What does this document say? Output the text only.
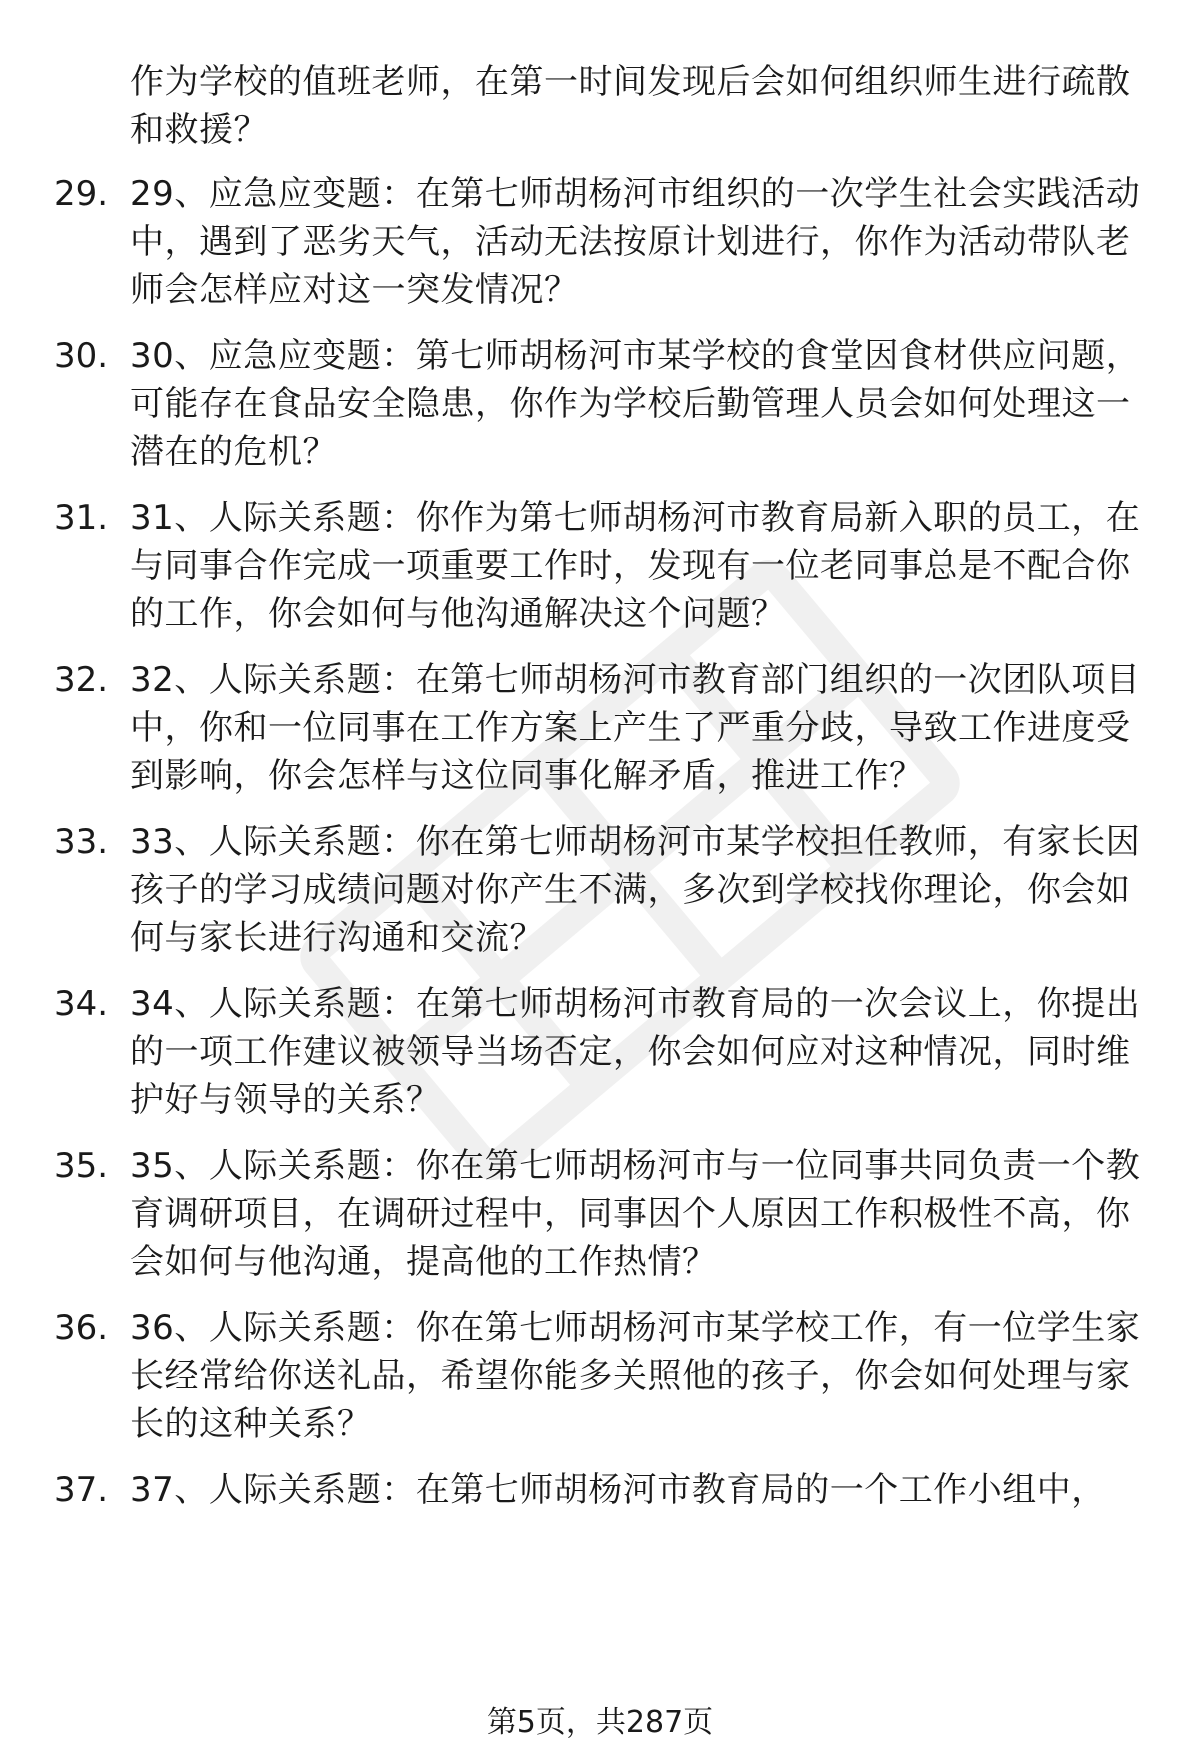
作为学校的值班老师，在第一时间发现后会如何组织师生进行疏散和救援？
29. 29、应急应变题：在第七师胡杨河市组织的一次学生社会实践活动中，遇到了恶劣天气，活动无法按原计划进行，你作为活动带队老师会怎样应对这一突发情况？
30. 30、应急应变题：第七师胡杨河市某学校的食堂因食材供应问题，可能存在食品安全隐患，你作为学校后勤管理人员会如何处理这一潜在的危机？
31. 31、人际关系题：你作为第七师胡杨河市教育局新入职的员工，在与同事合作完成一项重要工作时，发现有一位老同事总是不配合你的工作，你会如何与他沟通解决这个问题？
32. 32、人际关系题：在第七师胡杨河市教育部门组织的一次团队项目中，你和一位同事在工作方案上产生了严重分歧，导致工作进度受到影响，你会怎样与这位同事化解矛盾，推进工作？
33. 33、人际关系题：你在第七师胡杨河市某学校担任教师，有家长因孩子的学习成绩问题对你产生不满，多次到学校找你理论，你会如何与家长进行沟通和交流？
34. 34、人际关系题：在第七师胡杨河市教育局的一次会议上，你提出的一项工作建议被领导当场否定，你会如何应对这种情况，同时维护好与领导的关系？
35. 35、人际关系题：你在第七师胡杨河市与一位同事共同负责一个教育调研项目，在调研过程中，同事因个人原因工作积极性不高，你会如何与他沟通，提高他的工作热情？
36. 36、人际关系题：你在第七师胡杨河市某学校工作，有一位学生家长经常给你送礼品，希望你能多关照他的孩子，你会如何处理与家长的这种关系？
37. 37、人际关系题：在第七师胡杨河市教育局的一个工作小组中，
第5页，共287页
